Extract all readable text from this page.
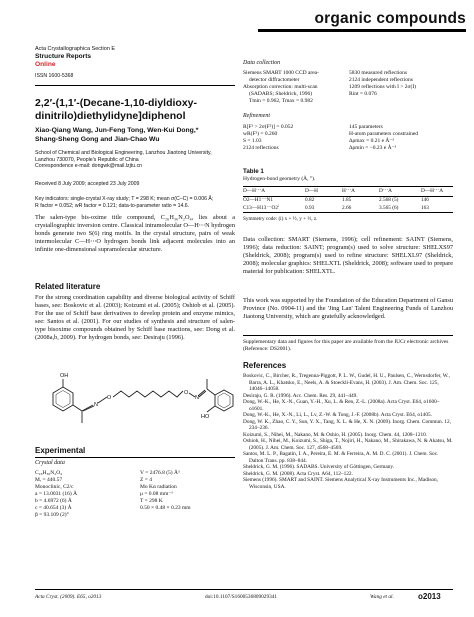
organic compounds
Acta Crystallographica Section E
Structure Reports
Online
ISSN 1600-5368
2,2′-(1,1′-(Decane-1,10-diyldioxy-
dinitrilo)diethylidyne]diphenol
Xiao-Qiang Wang, Jun-Feng Tong, Wen-Kui Dong,*
Shang-Sheng Gong and Jian-Chao Wu
School of Chemical and Biological Engineering, Lanzhou Jiaotong University,
Lanzhou 730070, People's Republic of China
Correspondence e-mail: dongwk@mail.lzjtu.cn
Received 8 July 2009; accepted 23 July 2009
Key indicators: single-crystal X-ray study; T = 298 K; mean σ(C–C) = 0.006 Å;
R factor = 0.052; wR factor = 0.121; data-to-parameter ratio = 14.6.
The salen-type bis-oxime title compound, C₂₆H₃₆N₂O₄, lies about a crystallographic inversion centre. Classical intramolecular O—H⋯N hydrogen bonds generate two S(6) ring motifs. In the crystal structure, pairs of weak intermolecular C—H⋯O hydrogen bonds link adjacent molecules into an infinite one-dimensional supramolecular structure.
Related literature
For the strong coordination capability and diverse biological activity of Schiff bases, see: Boskovic et al. (2003); Koizumi et al. (2005); Oshiob et al. (2005). For the use of Schiff base derivatives to develop protein and enzyme mimics, see: Santos et al. (2001). For our studies of synthesis and structure of salen-type bisoxime compounds obtained by Schiff base reactions, see: Dong et al. (2008a,b, 2009). For hydrogen bonds, see: Desiraju (1996).
OH
N
O
O
N
HO
Experimental
Crystal data
C₂₆H₃₆N₂O₄
Mᵣ = 440.57
Monoclinic, C2/c
a = 13.0031 (16) Å
b = 4.6972 (6) Å
c = 40.654 (3) Å
β = 93.109 (2)°
V = 2476.8 (5) Å³
Z = 4
Mo Kα radiation
μ = 0.08 mm⁻¹
T = 298 K
0.50 × 0.48 × 0.23 mm
Data collection
Siemens SMART 1000 CCD area-
detector diffractometer
Absorption correction: multi-scan
(SADABS; Sheldrick, 1996)
Tmin = 0.962, Tmax = 0.982
5830 measured reflections
2124 independent reflections
1209 reflections with I > 2σ(I)
Rint = 0.076
Refinement
R[F² > 2σ(F²)] = 0.052
wR(F²) = 0.260
S = 1.03
2124 reflections
145 parameters
H-atom parameters constrained
Δρmax = 0.21 e Å⁻³
Δρmin = −0.23 e Å⁻³
Table 1
Hydrogen-bond geometry (Å, °).
D—H⋯A	D—H	H⋯A	D⋯A	D—H⋯A
O2—H1⋯N1	0.82	1.85	2.568 (5)	146
C13—H13⋯O2ⁱ	0.93	2.66	3.565 (6)	163
Symmetry code: (i) x + ½, y + ½, z.
Data collection: SMART (Siemens, 1996); cell refinement: SAINT (Siemens, 1996); data reduction: SAINT; program(s) used to solve structure: SHELXS97 (Sheldrick, 2008); program(s) used to refine structure: SHELXL97 (Sheldrick, 2008); molecular graphics: SHELXTL (Sheldrick, 2008); software used to prepare material for publication: SHELXTL.
This work was supported by the Foundation of the Education Department of Gansu Province (No. 0904-11) and the 'Jing Lan' Talent Engineering Funds of Lanzhou Jiaotong University, which are gratefully acknowledged.
Supplementary data and figures for this paper are available from the IUCr electronic archives (Reference: DS2001).
References

Boskovic, C., Bircher, R., Tregenna-Piggott, P. L. W., Gudel, H. U., Paulsen, C., Wernsdorfer, W., Barra, A. L., Khatsko, E., Neels, A. & Stoeckli-Evans, H. (2003). J. Am. Chem. Soc. 125, 14046–14058.

Desiraju, G. R. (1996). Acc. Chem. Res. 29, 441–449.

Dong, W.-K., He, X.-N., Guan, Y.-H., Xu, L. & Ren, Z.-L. (2008a). Acta Cryst. E64, o1600–o1601.

Dong, W.-K., He, X.-N., Li, L., Lv, Z.-W. & Tong, J.-F. (2008b). Acta Cryst. E64, o1405.

Dong, W. K., Zhao, C. Y., Sun, Y. X., Tang, X. L. & He, X. N. (2009). Inorg. Chem. Commun. 12, 234–236.

Koizumi, S., Nihei, M., Nakano, M. & Oshio, H. (2005). Inorg. Chem. 44, 1208–1210.

Oshiob, H., Nihei, M., Koizumi, S., Shiga, T., Nojiri, H., Nakano, M., Shirakawa, N. & Akatsu, M. (2005). J. Am. Chem. Soc. 127, 4568–4569.

Santos, M. L. P., Bagatin, I. A., Pereira, E. M. & Ferreira, A. M. D. C. (2001). J. Chem. Soc. Dalton Trans. pp. 838–844.

Sheldrick, G. M. (1996). SADABS. University of Göttingen, Germany.

Sheldrick, G. M. (2008). Acta Cryst. A64, 112–122.

Siemens (1996). SMART and SAINT. Siemens Analytical X-ray Instruments Inc., Madison, Wisconsin, USA.

Acta Cryst. (2009). E65, o2013	doi:10.1107/S1600536809029341	Wang et al.	o2013
